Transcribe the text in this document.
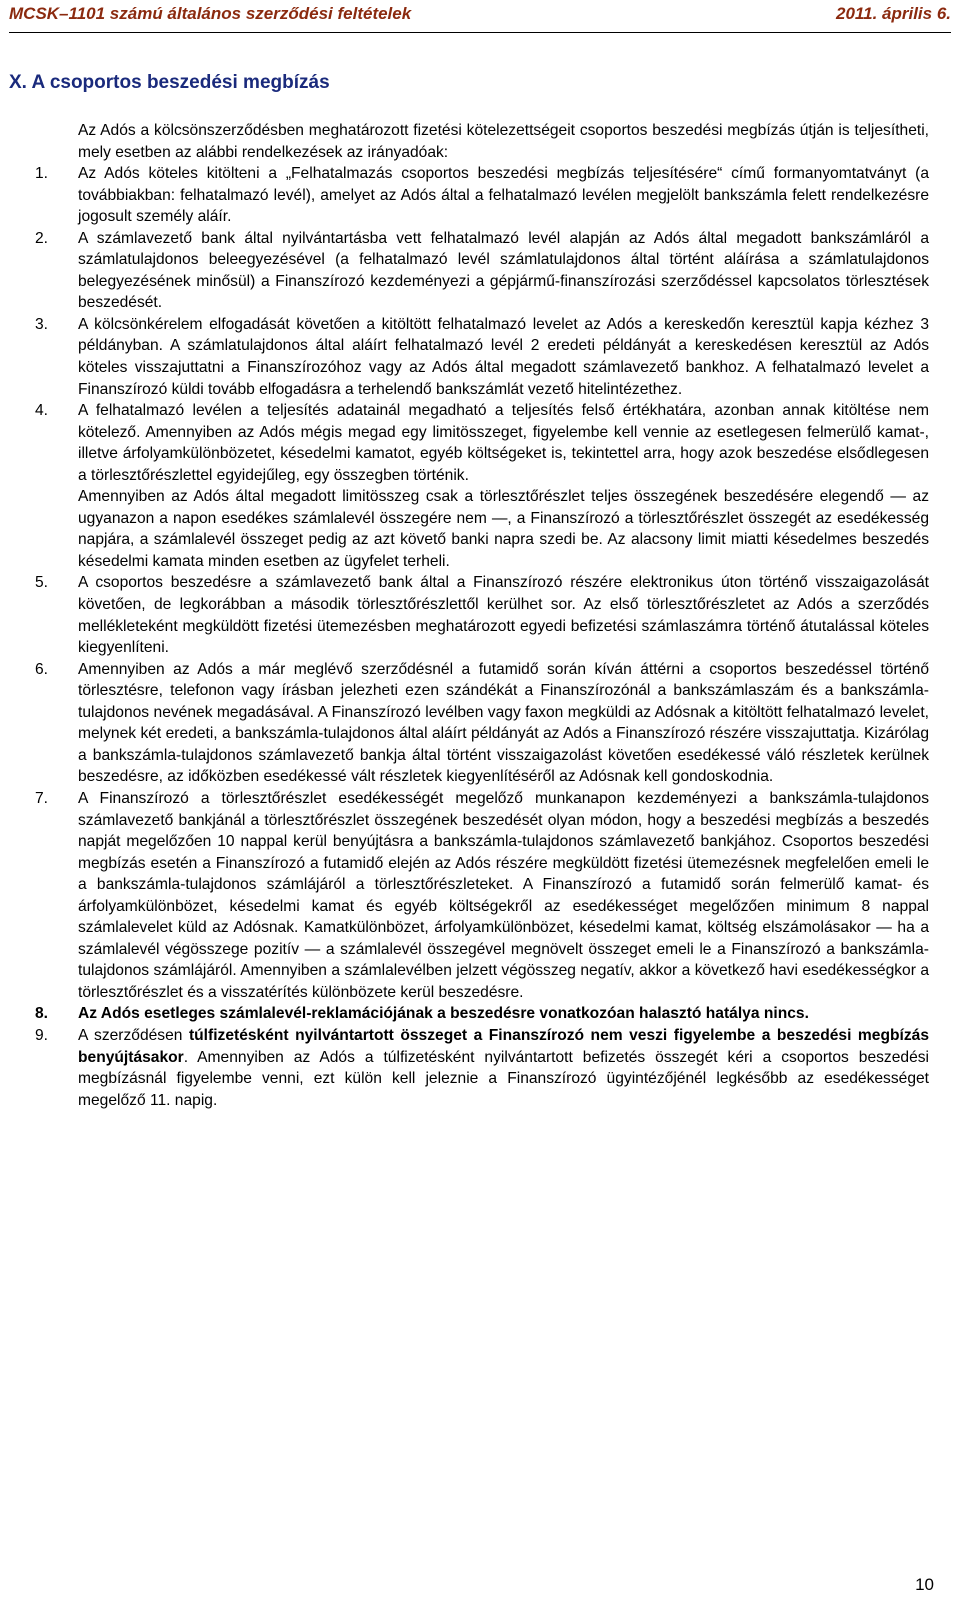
MCSK–1101 számú általános szerződési feltételek	2011. április 6.
X. A csoportos beszedési megbízás

Az Adós a kölcsönszerződésben meghatározott fizetési kötelezettségeit csoportos beszedési megbízás útján is teljesítheti, mely esetben az alábbi rendelkezések az irányadóak:

1.	Az Adós köteles kitölteni a „Felhatalmazás csoportos beszedési megbízás teljesítésére“ című formanyomtatványt (a továbbiakban: felhatalmazó levél), amelyet az Adós által a felhatalmazó levélen megjelölt bankszámla felett rendelkezésre jogosult személy aláír.
2.	A számlavezető bank által nyilvántartásba vett felhatalmazó levél alapján az Adós által megadott bankszámláról a számlatulajdonos beleegyezésével (a felhatalmazó levél számlatulajdonos által történt aláírása a számlatulajdonos belegyezésének minősül) a Finanszírozó kezdeményezi a gépjármű-finanszírozási szerződéssel kapcsolatos törlesztések beszedését.
3.	A kölcsönkérelem elfogadását követően a kitöltött felhatalmazó levelet az Adós a kereskedőn keresztül kapja kézhez 3 példányban. A számlatulajdonos által aláírt felhatalmazó levél 2 eredeti példányát a kereskedésen keresztül az Adós köteles visszajuttatni a Finanszírozóhoz vagy az Adós által megadott számlavezető bankhoz. A felhatalmazó levelet a Finanszírozó küldi tovább elfogadásra a terhelendő bankszámlát vezető hitelintézethez.
4.	A felhatalmazó levélen a teljesítés adatainál megadható a teljesítés felső értékhatára, azonban annak kitöltése nem kötelező. Amennyiben az Adós mégis megad egy limitösszeget, figyelembe kell vennie az esetlegesen felmerülő kamat-, illetve árfolyamkülönbözetet, késedelmi kamatot, egyéb költségeket is, tekintettel arra, hogy azok beszedése elsődlegesen a törlesztőrészlettel egyidejűleg, egy összegben történik.
Amennyiben az Adós által megadott limitösszeg csak a törlesztőrészlet teljes összegének beszedésére elegendő — az ugyanazon a napon esedékes számlalevél összegére nem —, a Finanszírozó a törlesztőrészlet összegét az esedékesség napjára, a számlalevél összeget pedig az azt követő banki napra szedi be. Az alacsony limit miatti késedelmes beszedés késedelmi kamata minden esetben az ügyfelet terheli.
5.	A csoportos beszedésre a számlavezető bank által a Finanszírozó részére elektronikus úton történő visszaigazolását követően, de legkorábban a második törlesztőrészlettől kerülhet sor. Az első törlesztőrészletet az Adós a szerződés mellékleteként megküldött fizetési ütemezésben meghatározott egyedi befizetési számlaszámra történő átutalással köteles kiegyenlíteni.
6.	Amennyiben az Adós a már meglévő szerződésnél a futamidő során kíván áttérni a csoportos beszedéssel történő törlesztésre, telefonon vagy írásban jelezheti ezen szándékát a Finanszírozónál a bankszámlaszám és a bankszámla-tulajdonos nevének megadásával. A Finanszírozó levélben vagy faxon megküldi az Adósnak a kitöltött felhatalmazó levelet, melynek két eredeti, a bankszámla-tulajdonos által aláírt példányát az Adós a Finanszírozó részére visszajuttatja. Kizárólag a bankszámla-tulajdonos számlavezető bankja által történt visszaigazolást követően esedékessé váló részletek kerülnek beszedésre, az időközben esedékessé vált részletek kiegyenlítéséről az Adósnak kell gondoskodnia.
7.	A Finanszírozó a törlesztőrészlet esedékességét megelőző munkanapon kezdeményezi a bankszámla-tulajdonos számlavezető bankjánál a törlesztőrészlet összegének beszedését olyan módon, hogy a beszedési megbízás a beszedés napját megelőzően 10 nappal kerül benyújtásra a bankszámla-tulajdonos számlavezető bankjához. Csoportos beszedési megbízás esetén a Finanszírozó a futamidő elején az Adós részére megküldött fizetési ütemezésnek megfelelően emeli le a bankszámla-tulajdonos számlájáról a törlesztőrészleteket. A Finanszírozó a futamidő során felmerülő kamat- és árfolyamkülönbözet, késedelmi kamat és egyéb költségekről az esedékességet megelőzően minimum 8 nappal számlalevelet küld az Adósnak. Kamatkülönbözet, árfolyamkülönbözet, késedelmi kamat, költség elszámolásakor — ha a számlalevél végösszege pozitív — a számlalevél összegével megnövelt összeget emeli le a Finanszírozó a bankszámla-tulajdonos számlájáról. Amennyiben a számlalevélben jelzett végösszeg negatív, akkor a következő havi esedékességkor a törlesztőrészlet és a visszatérítés különbözete kerül beszedésre.
8.	Az Adós esetleges számlalevél-reklamációjának a beszedésre vonatkozóan halasztó hatálya nincs.
9.	A szerződésen túlfizetésként nyilvántartott összeget a Finanszírozó nem veszi figyelembe a beszedési megbízás benyújtásakor. Amennyiben az Adós a túlfizetésként nyilvántartott befizetés összegét kéri a csoportos beszedési megbízásnál figyelembe venni, ezt külön kell jeleznie a Finanszírozó ügyintézőjénél legkésőbb az esedékességet megelőző 11. napig.
10
